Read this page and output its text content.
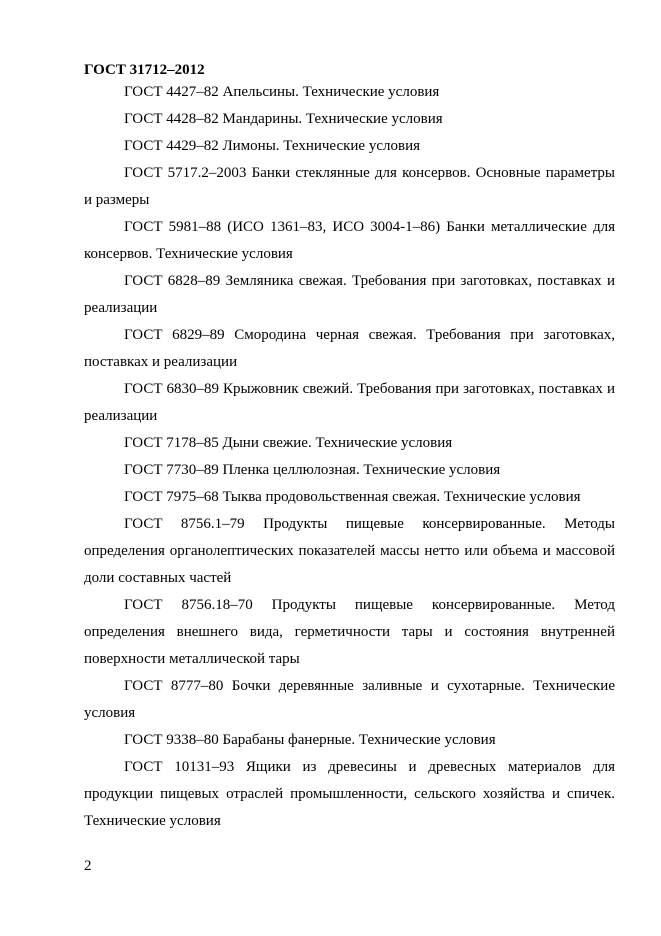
ГОСТ 31712–2012

ГОСТ 4427–82 Апельсины. Технические условия

ГОСТ 4428–82 Мандарины. Технические условия

ГОСТ 4429–82 Лимоны. Технические условия

ГОСТ 5717.2–2003 Банки стеклянные для консервов. Основные параметры и размеры

ГОСТ 5981–88 (ИСО 1361–83, ИСО 3004-1–86) Банки металлические для консервов. Технические условия

ГОСТ 6828–89 Земляника свежая. Требования при заготовках, поставках и реализации

ГОСТ 6829–89 Смородина черная свежая. Требования при заготовках, поставках и реализации

ГОСТ 6830–89 Крыжовник свежий. Требования при заготовках, поставках и реализации

ГОСТ 7178–85 Дыни свежие. Технические условия

ГОСТ 7730–89 Пленка целлюлозная. Технические условия

ГОСТ 7975–68 Тыква продовольственная свежая. Технические условия

ГОСТ 8756.1–79 Продукты пищевые консервированные. Методы определения органолептических показателей массы нетто или объема и массовой доли составных частей

ГОСТ 8756.18–70 Продукты пищевые консервированные. Метод определения внешнего вида, герметичности тары и состояния внутренней поверхности металлической тары

ГОСТ 8777–80 Бочки деревянные заливные и сухотарные. Технические условия

ГОСТ 9338–80 Барабаны фанерные. Технические условия

ГОСТ 10131–93 Ящики из древесины и древесных материалов для продукции пищевых отраслей промышленности, сельского хозяйства и спичек. Технические условия

2
